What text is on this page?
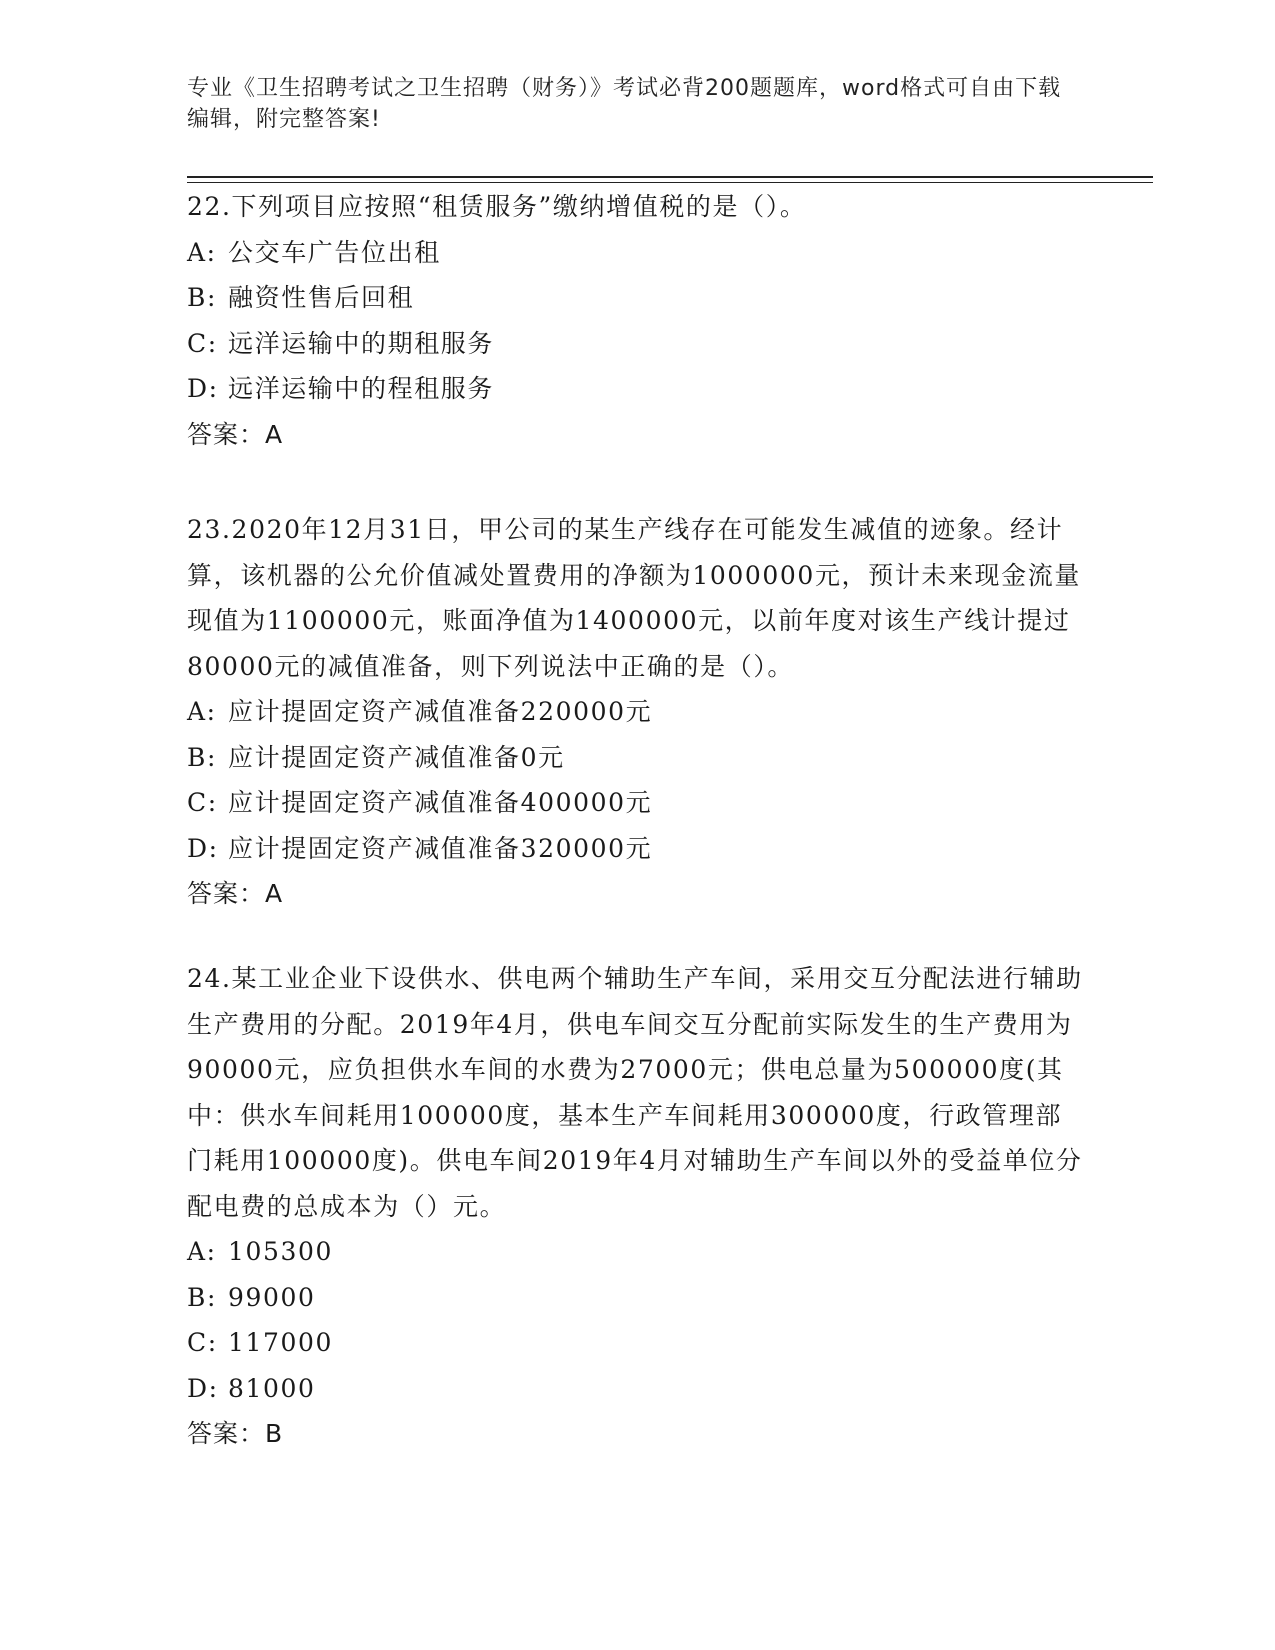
专业《卫生招聘考试之卫生招聘（财务）》考试必背200题题库，word格式可自由下载编辑，附完整答案!

22.下列项目应按照“租赁服务”缴纳增值税的是（）。

A: 公交车广告位出租

B: 融资性售后回租

C: 远洋运输中的期租服务

D: 远洋运输中的程租服务

答案：A

23.2020年12月31日，甲公司的某生产线存在可能发生减值的迹象。经计算，该机器的公允价值减处置费用的净额为1000000元，预计未来现金流量现值为1100000元，账面净值为1400000元，以前年度对该生产线计提过80000元的减值准备，则下列说法中正确的是（）。

A: 应计提固定资产减值准备220000元

B: 应计提固定资产减值准备0元

C: 应计提固定资产减值准备400000元

D: 应计提固定资产减值准备320000元

答案：A

24.某工业企业下设供水、供电两个辅助生产车间，采用交互分配法进行辅助生产费用的分配。2019年4月，供电车间交互分配前实际发生的生产费用为90000元，应负担供水车间的水费为27000元；供电总量为500000度(其中：供水车间耗用100000度，基本生产车间耗用300000度，行政管理部门耗用100000度)。供电车间2019年4月对辅助生产车间以外的受益单位分配电费的总成本为（）元。

A: 105300

B: 99000

C: 117000

D: 81000

答案：B
